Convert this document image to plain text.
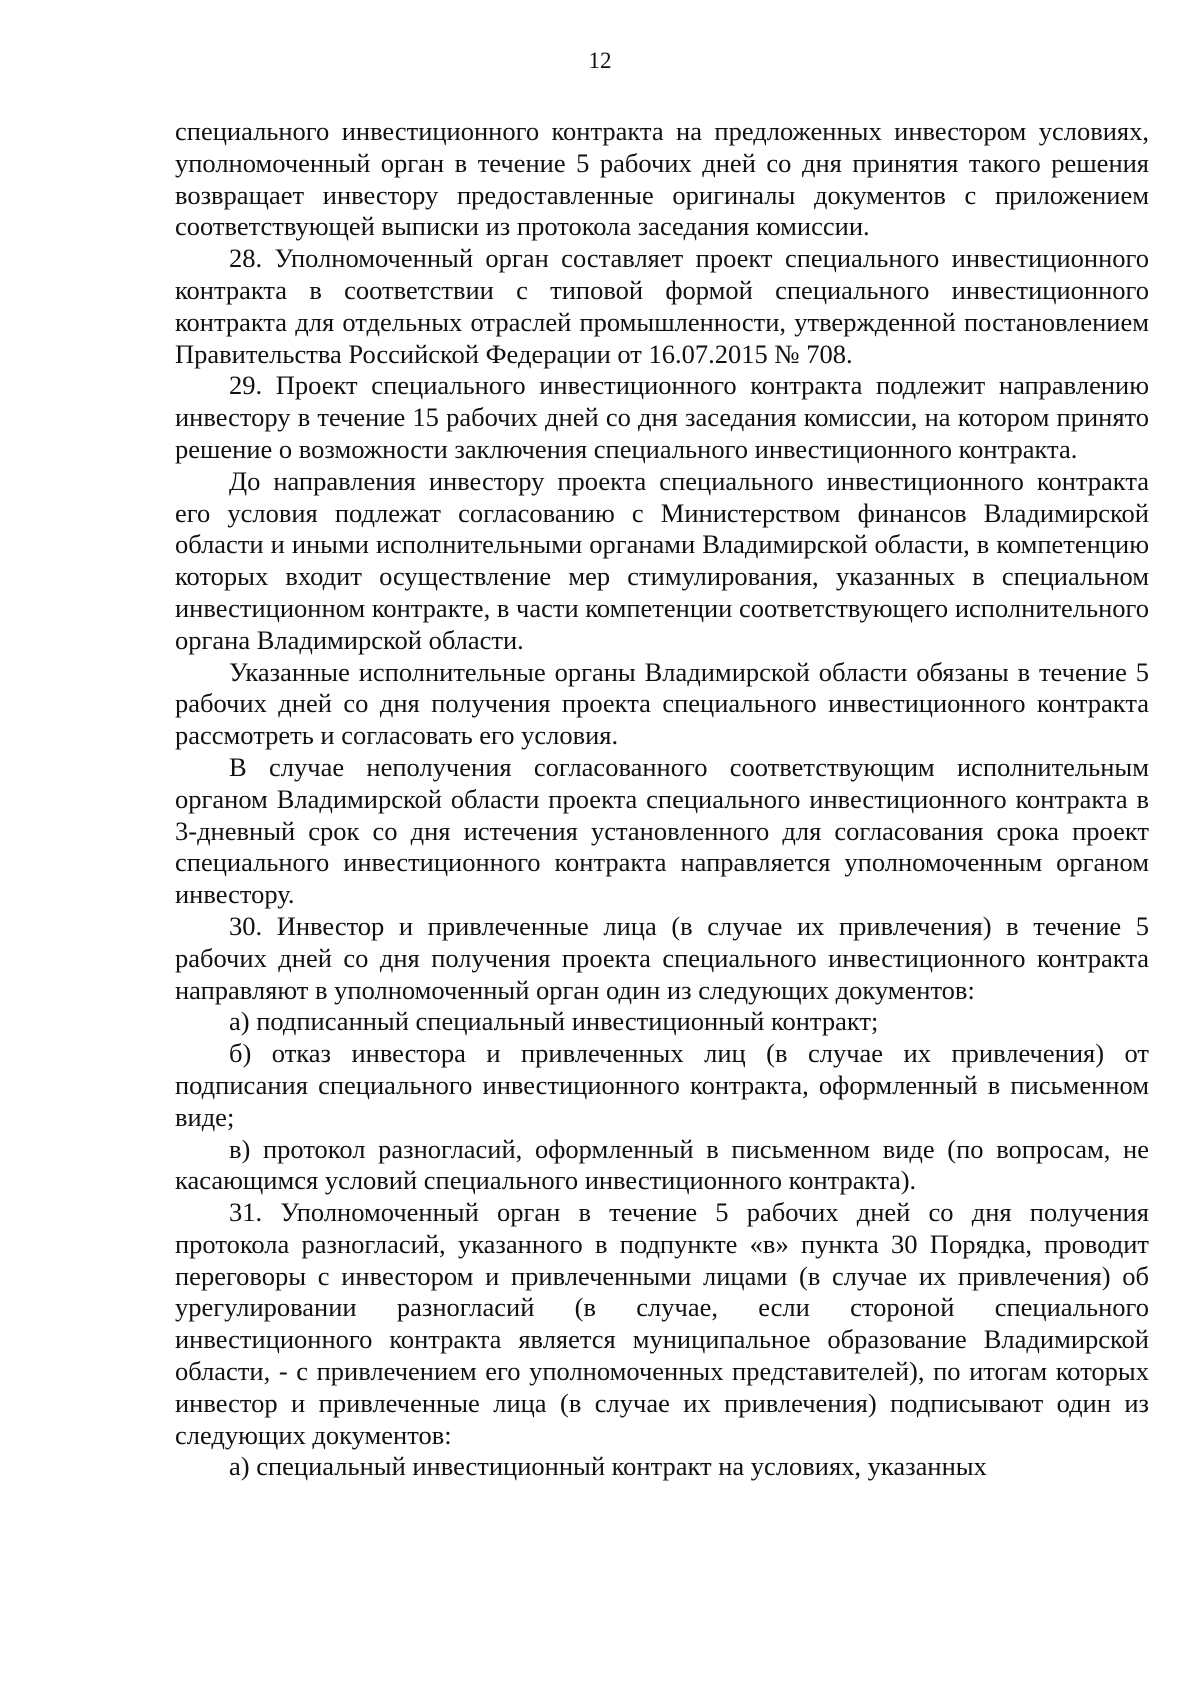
12

специального инвестиционного контракта на предложенных инвестором условиях, уполномоченный орган в течение 5 рабочих дней со дня принятия такого решения возвращает инвестору предоставленные оригиналы документов с приложением соответствующей выписки из протокола заседания комиссии.

28. Уполномоченный орган составляет проект специального инвестиционного контракта в соответствии с типовой формой специального инвестиционного контракта для отдельных отраслей промышленности, утвержденной постановлением Правительства Российской Федерации от 16.07.2015 № 708.

29. Проект специального инвестиционного контракта подлежит направлению инвестору в течение 15 рабочих дней со дня заседания комиссии, на котором принято решение о возможности заключения специального инвестиционного контракта.

До направления инвестору проекта специального инвестиционного контракта его условия подлежат согласованию с Министерством финансов Владимирской области и иными исполнительными органами Владимирской области, в компетенцию которых входит осуществление мер стимулирования, указанных в специальном инвестиционном контракте, в части компетенции соответствующего исполнительного органа Владимирской области.

Указанные исполнительные органы Владимирской области обязаны в течение 5 рабочих дней со дня получения проекта специального инвестиционного контракта рассмотреть и согласовать его условия.

В случае неполучения согласованного соответствующим исполнительным органом Владимирской области проекта специального инвестиционного контракта в 3-дневный срок со дня истечения установленного для согласования срока проект специального инвестиционного контракта направляется уполномоченным органом инвестору.

30. Инвестор и привлеченные лица (в случае их привлечения) в течение 5 рабочих дней со дня получения проекта специального инвестиционного контракта направляют в уполномоченный орган один из следующих документов:

а) подписанный специальный инвестиционный контракт;

б) отказ инвестора и привлеченных лиц (в случае их привлечения) от подписания специального инвестиционного контракта, оформленный в письменном виде;

в) протокол разногласий, оформленный в письменном виде (по вопросам, не касающимся условий специального инвестиционного контракта).

31. Уполномоченный орган в течение 5 рабочих дней со дня получения протокола разногласий, указанного в подпункте «в» пункта 30 Порядка, проводит переговоры с инвестором и привлеченными лицами (в случае их привлечения) об урегулировании разногласий (в случае, если стороной специального инвестиционного контракта является муниципальное образование Владимирской области, - с привлечением его уполномоченных представителей), по итогам которых инвестор и привлеченные лица (в случае их привлечения) подписывают один из следующих документов:

а) специальный инвестиционный контракт на условиях, указанных
